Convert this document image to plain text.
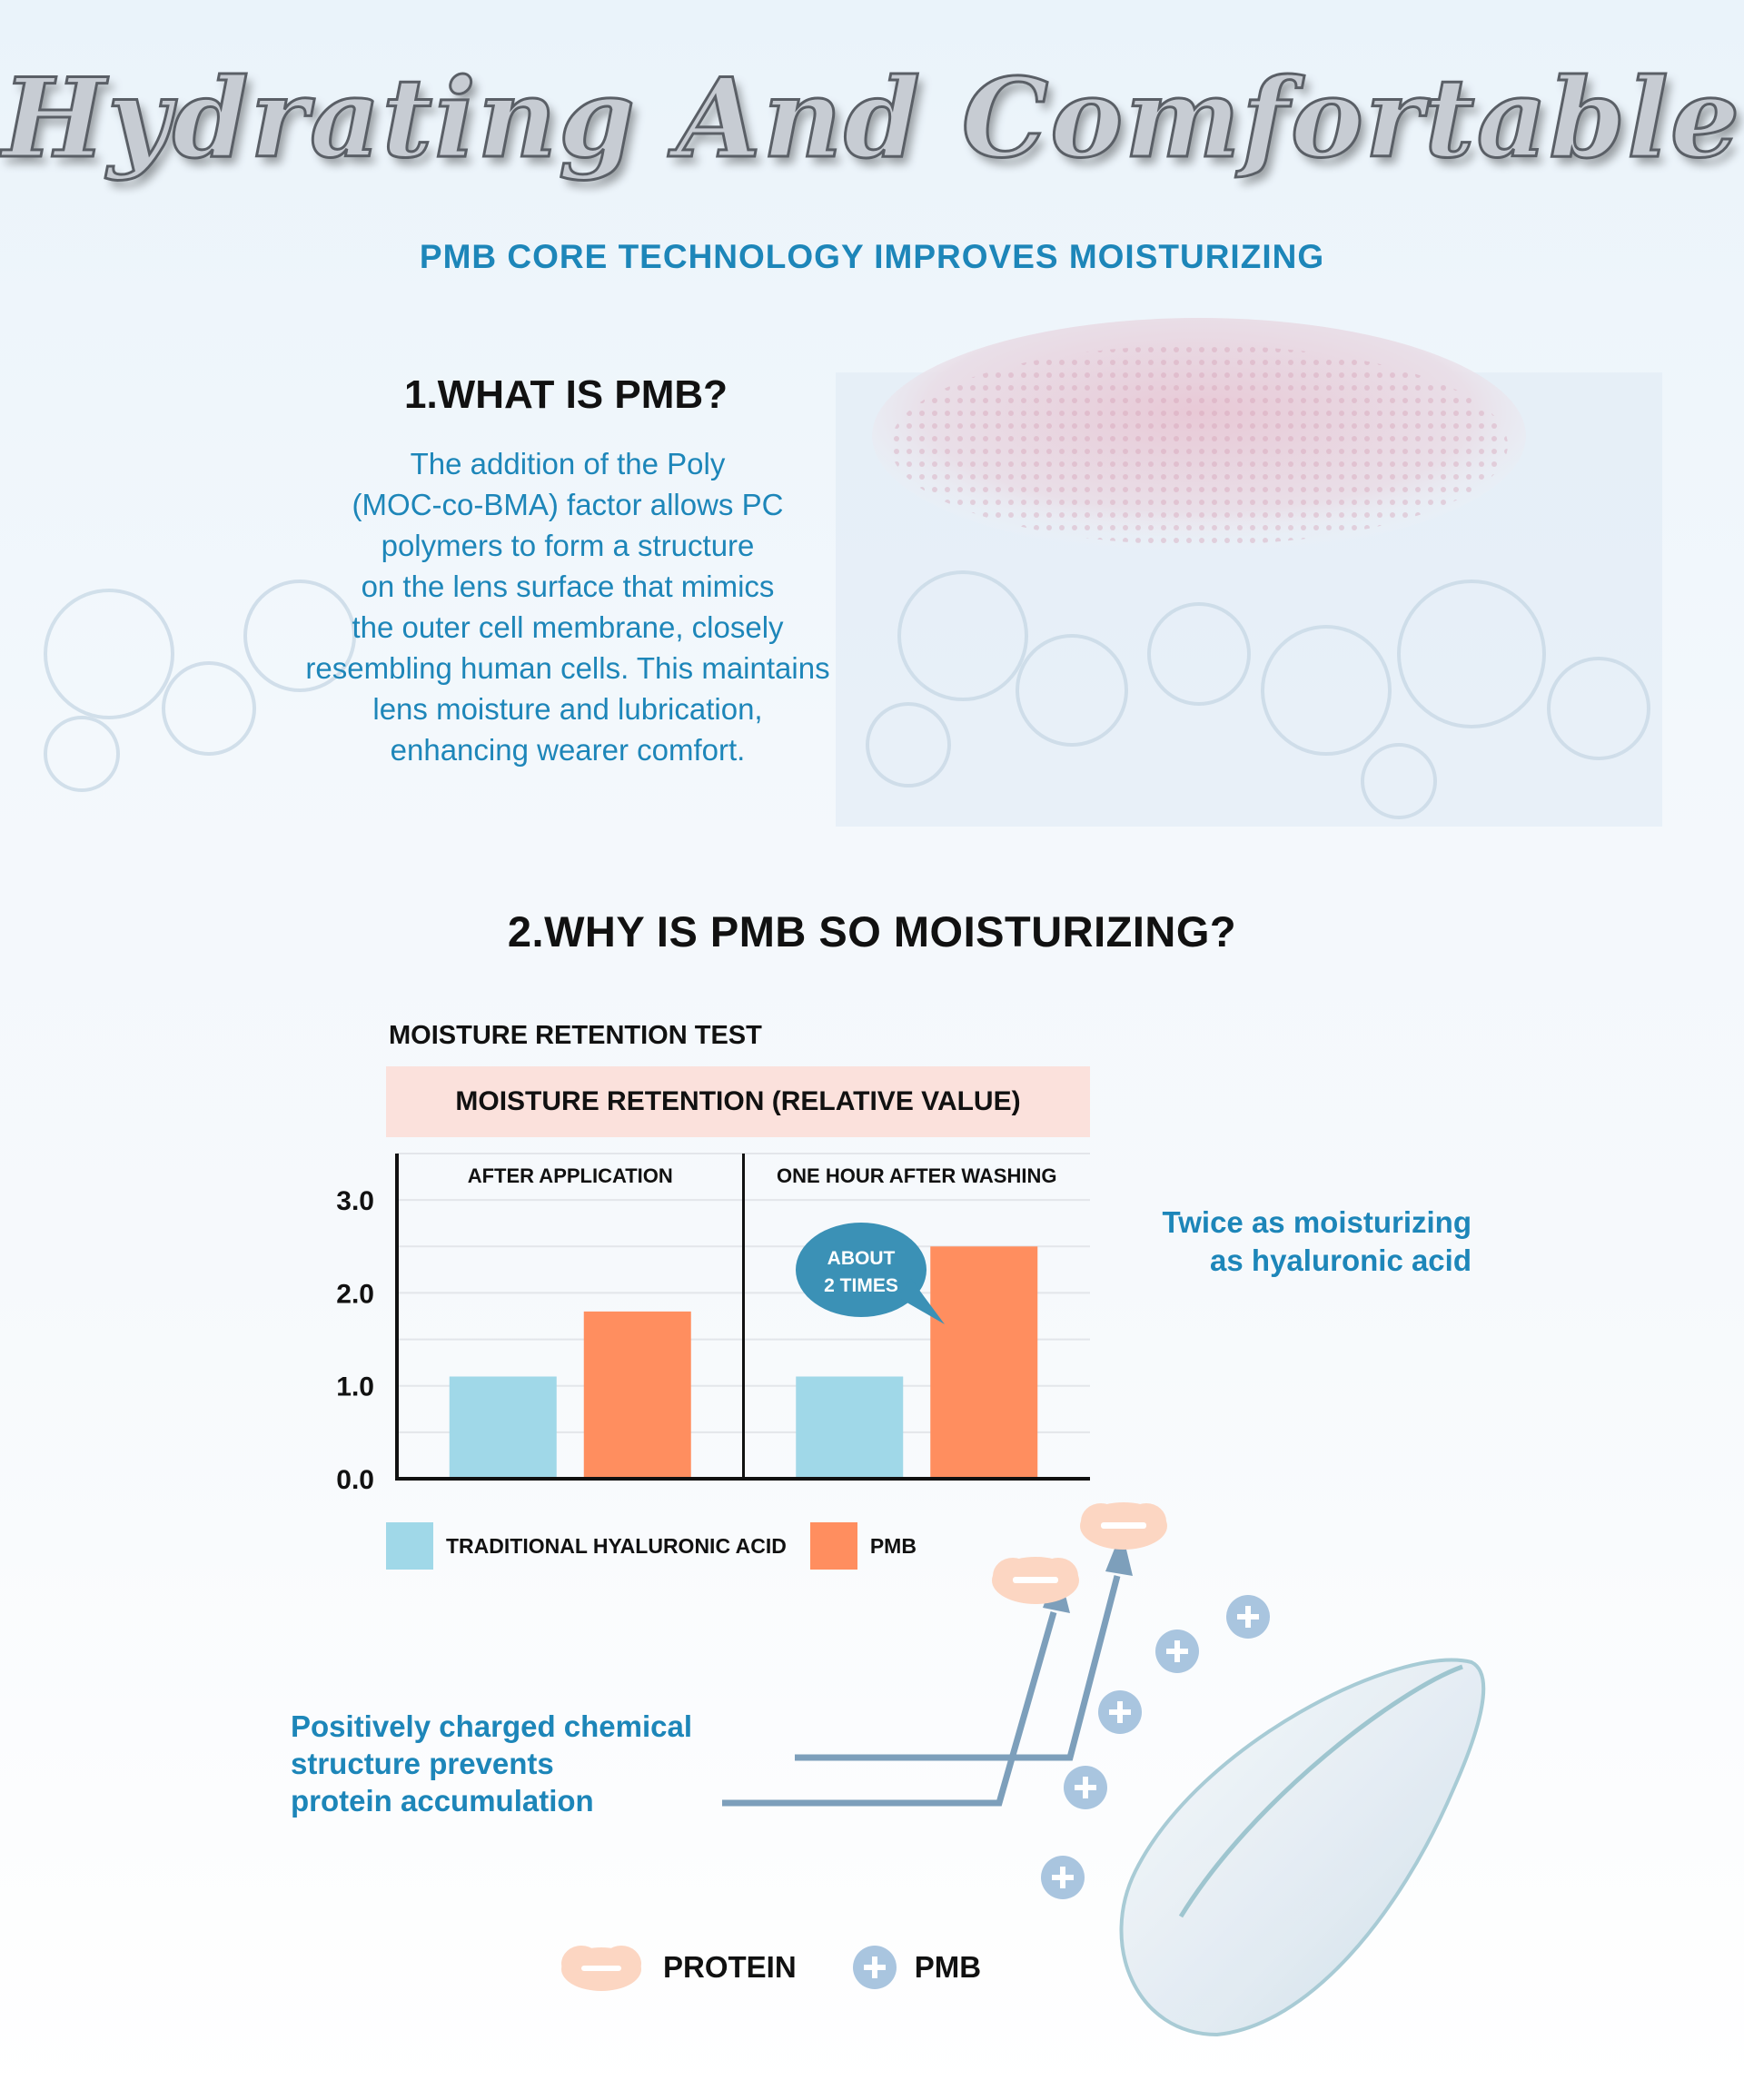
Hydrating And Comfortable
PMB CORE TECHNOLOGY IMPROVES MOISTURIZING
1.WHAT IS PMB?
The addition of the Poly
(MOC-co-BMA) factor allows PC
polymers to form a structure
on the lens surface that mimics
the outer cell membrane, closely
resembling human cells. This maintains
lens moisture and lubrication,
enhancing wearer comfort.
2.WHY IS PMB SO MOISTURIZING?
MOISTURE RETENTION TEST
MOISTURE RETENTION (RELATIVE VALUE)
0.0
1.0
2.0
3.0
AFTER APPLICATION	ONE HOUR AFTER WASHING
ABOUT
2 TIMES
Twice as moisturizing
as hyaluronic acid
TRADITIONAL HYALURONIC ACID	PMB
Positively charged chemical
structure prevents
protein accumulation
PROTEIN	PMB
